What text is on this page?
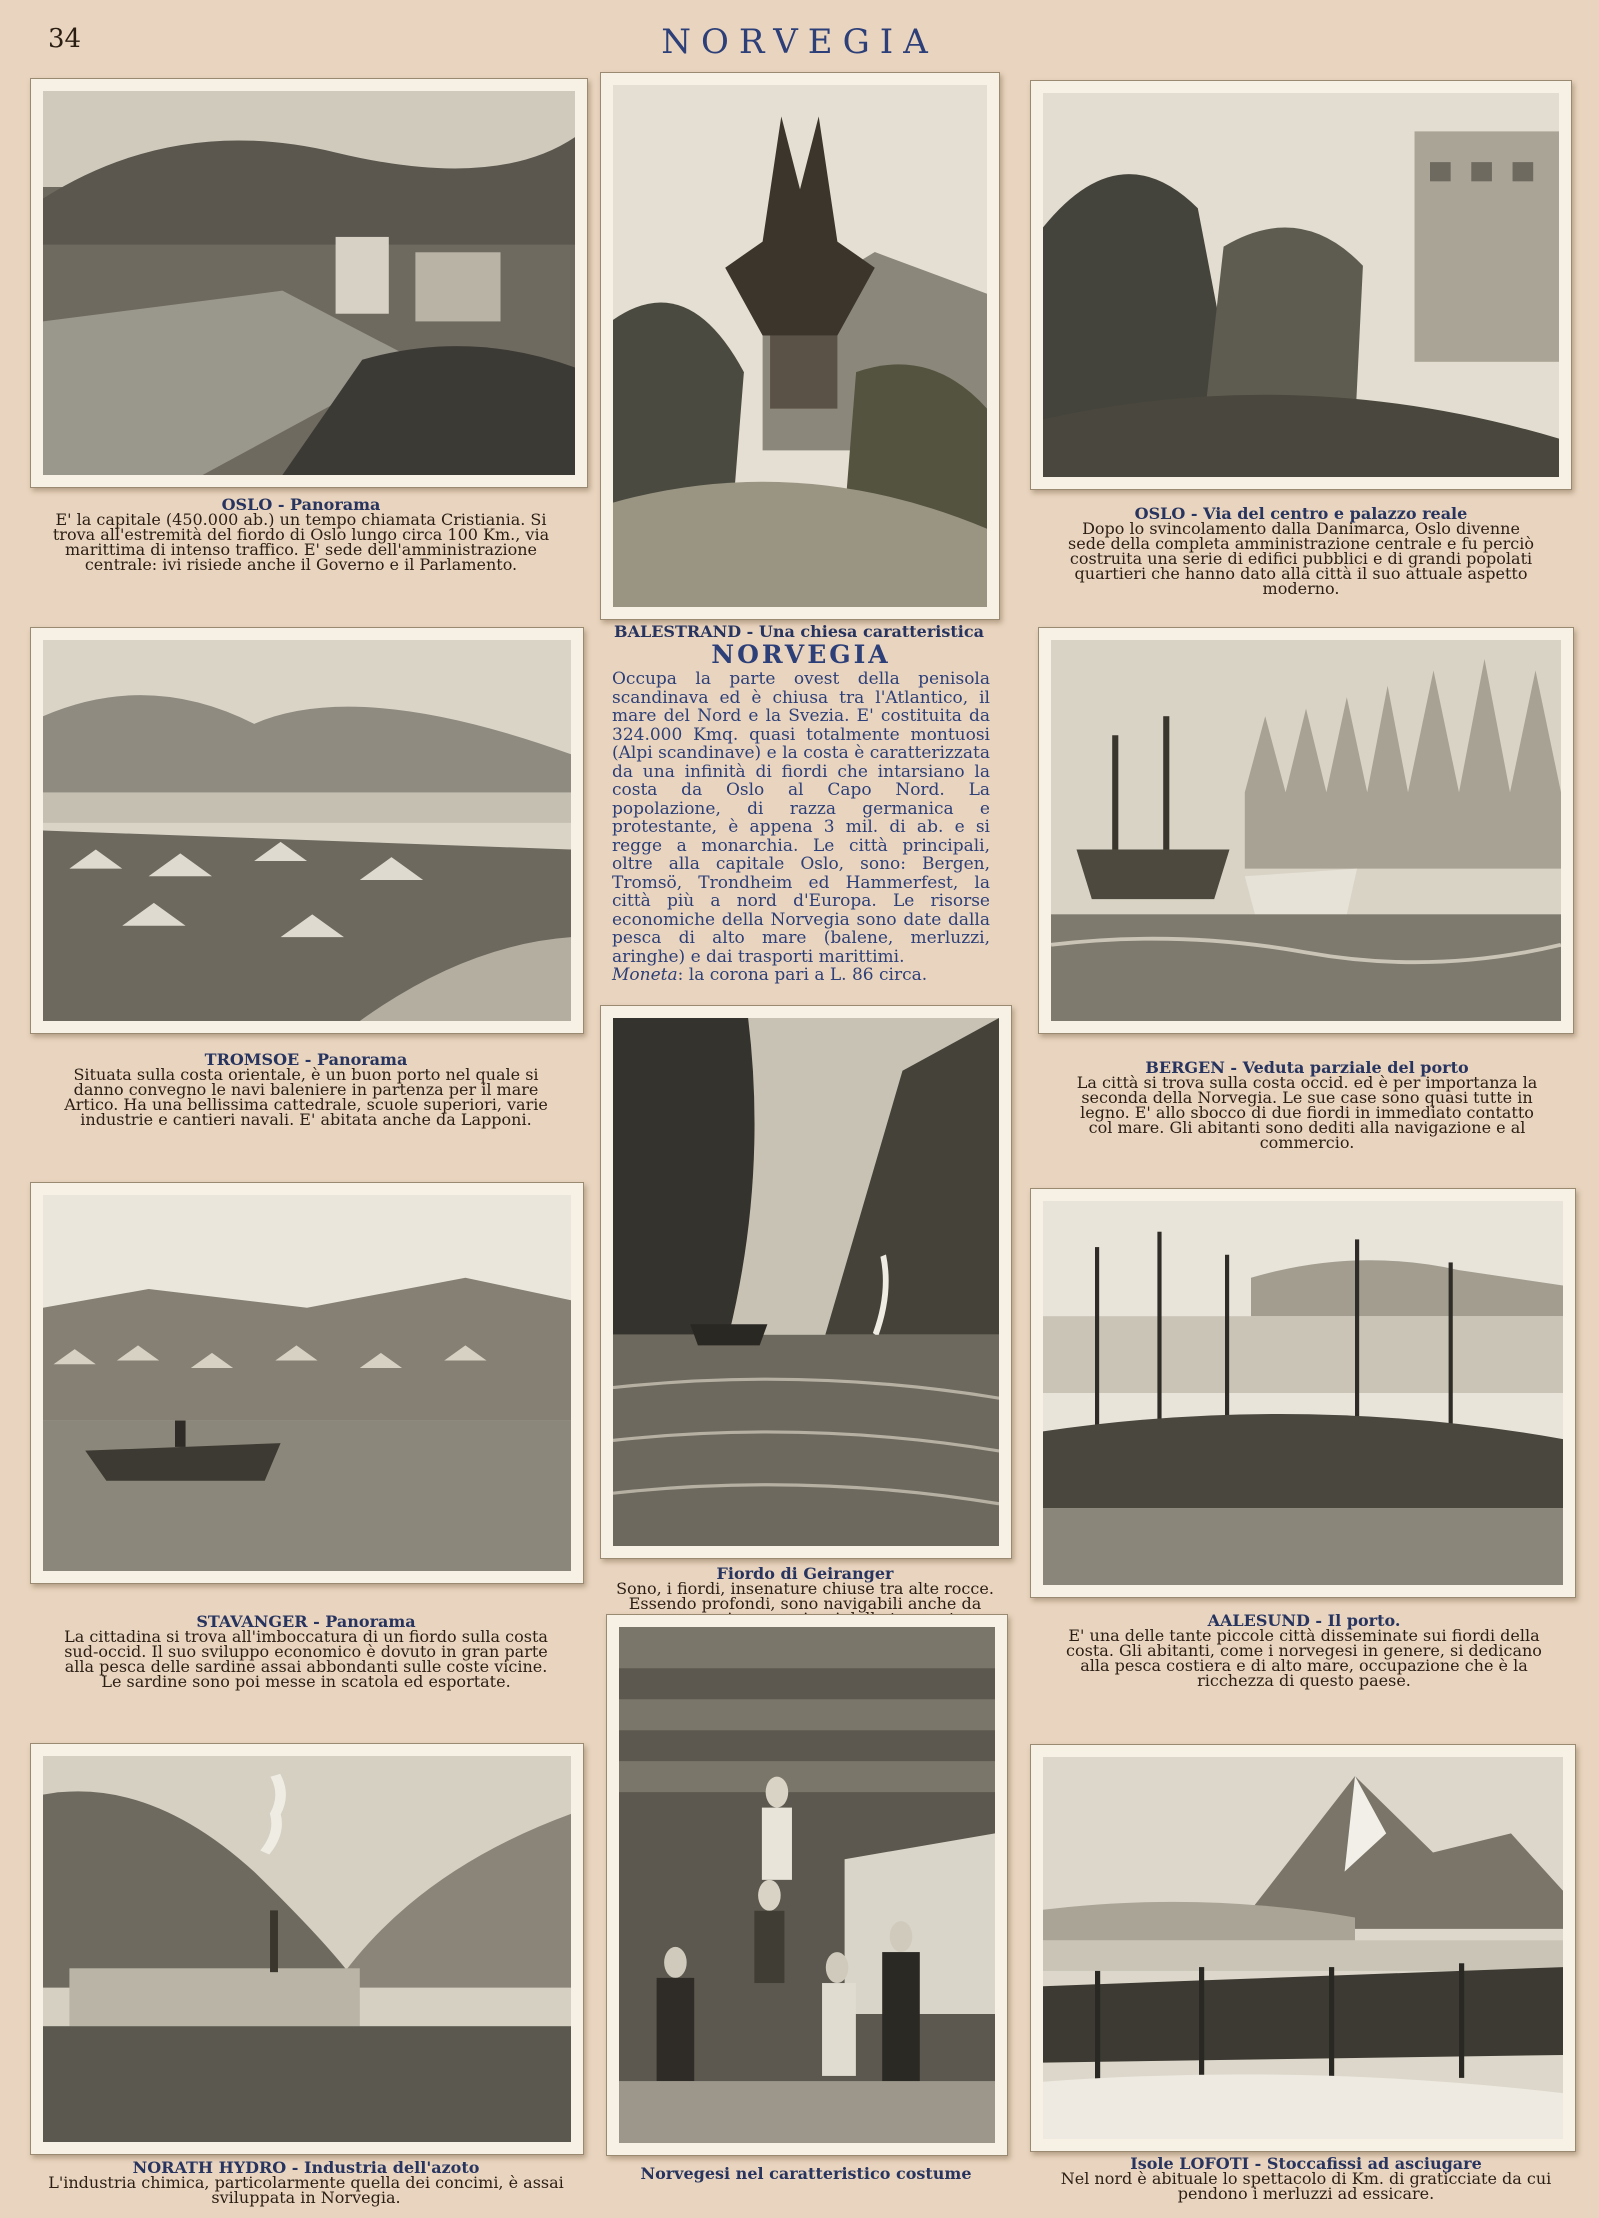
34	NORVEGIA
OSLO - Panorama
E' la capitale (450.000 ab.) un tempo chiamata Cristiania. Si trova all'estremità del fiordo di Oslo lungo circa 100 Km., via marittima di intenso traffico. E' sede dell'amministrazione centrale: ivi risiede anche il Governo e il Parlamento.
BALESTRAND - Una chiesa caratteristica
OSLO - Via del centro e palazzo reale
Dopo lo svincolamento dalla Danimarca, Oslo divenne sede della completa amministrazione centrale e fu perciò costruita una serie di edifici pubblici e di grandi popolati quartieri che hanno dato alla città il suo attuale aspetto moderno.
NORVEGIA
Occupa la parte ovest della penisola scandinava ed è chiusa tra l'Atlantico, il mare del Nord e la Svezia. E' costituita da 324.000 Kmq. quasi totalmente montuosi (Alpi scandinave) e la costa è caratterizzata da una infinità di fiordi che intarsiano la costa da Oslo al Capo Nord. La popolazione, di razza germanica e protestante, è appena 3 mil. di ab. e si regge a monarchia. Le città principali, oltre alla capitale Oslo, sono: Bergen, Tromsö, Trondheim ed Hammerfest, la città più a nord d'Europa. Le risorse economiche della Norvegia sono date dalla pesca di alto mare (balene, merluzzi, aringhe) e dai trasporti marittimi.
Moneta: la corona pari a L. 86 circa.
TROMSOE - Panorama
Situata sulla costa orientale, è un buon porto nel quale si danno convegno le navi baleniere in partenza per il mare Artico. Ha una bellissima cattedrale, scuole superiori, varie industrie e cantieri navali. E' abitata anche da Lapponi.
BERGEN - Veduta parziale del porto
La città si trova sulla costa occid. ed è per importanza la seconda della Norvegia. Le sue case sono quasi tutte in legno. E' allo sbocco di due fiordi in immediato contatto col mare. Gli abitanti sono dediti alla navigazione e al commercio.
Fiordo di Geiranger
Sono, i fiordi, insenature chiuse tra alte rocce. Essendo profondi, sono navigabili anche da
STAVANGER - Panorama
La cittadina si trova all'imboccatura di un fiordo sulla costa sud-occid. Il suo sviluppo economico è dovuto in gran parte alla pesca delle sardine assai abbondanti sulle coste vicine. Le sardine sono poi messe in scatola ed esportate.
AALESUND - Il porto.
E' una delle tante piccole città disseminate sui fiordi della costa. Gli abitanti, come i norvegesi in genere, si dedicano alla pesca costiera e di alto mare, occupazione che è la ricchezza di questo paese.
NORATH HYDRO - Industria dell'azoto
L'industria chimica, particolarmente quella dei concimi, è assai sviluppata in Norvegia.
Norvegesi nel caratteristico costume
Isole LOFOTI - Stoccafissi ad asciugare
Nel nord è abituale lo spettacolo di Km. di graticciate da cui pendono i merluzzi ad essicare.
